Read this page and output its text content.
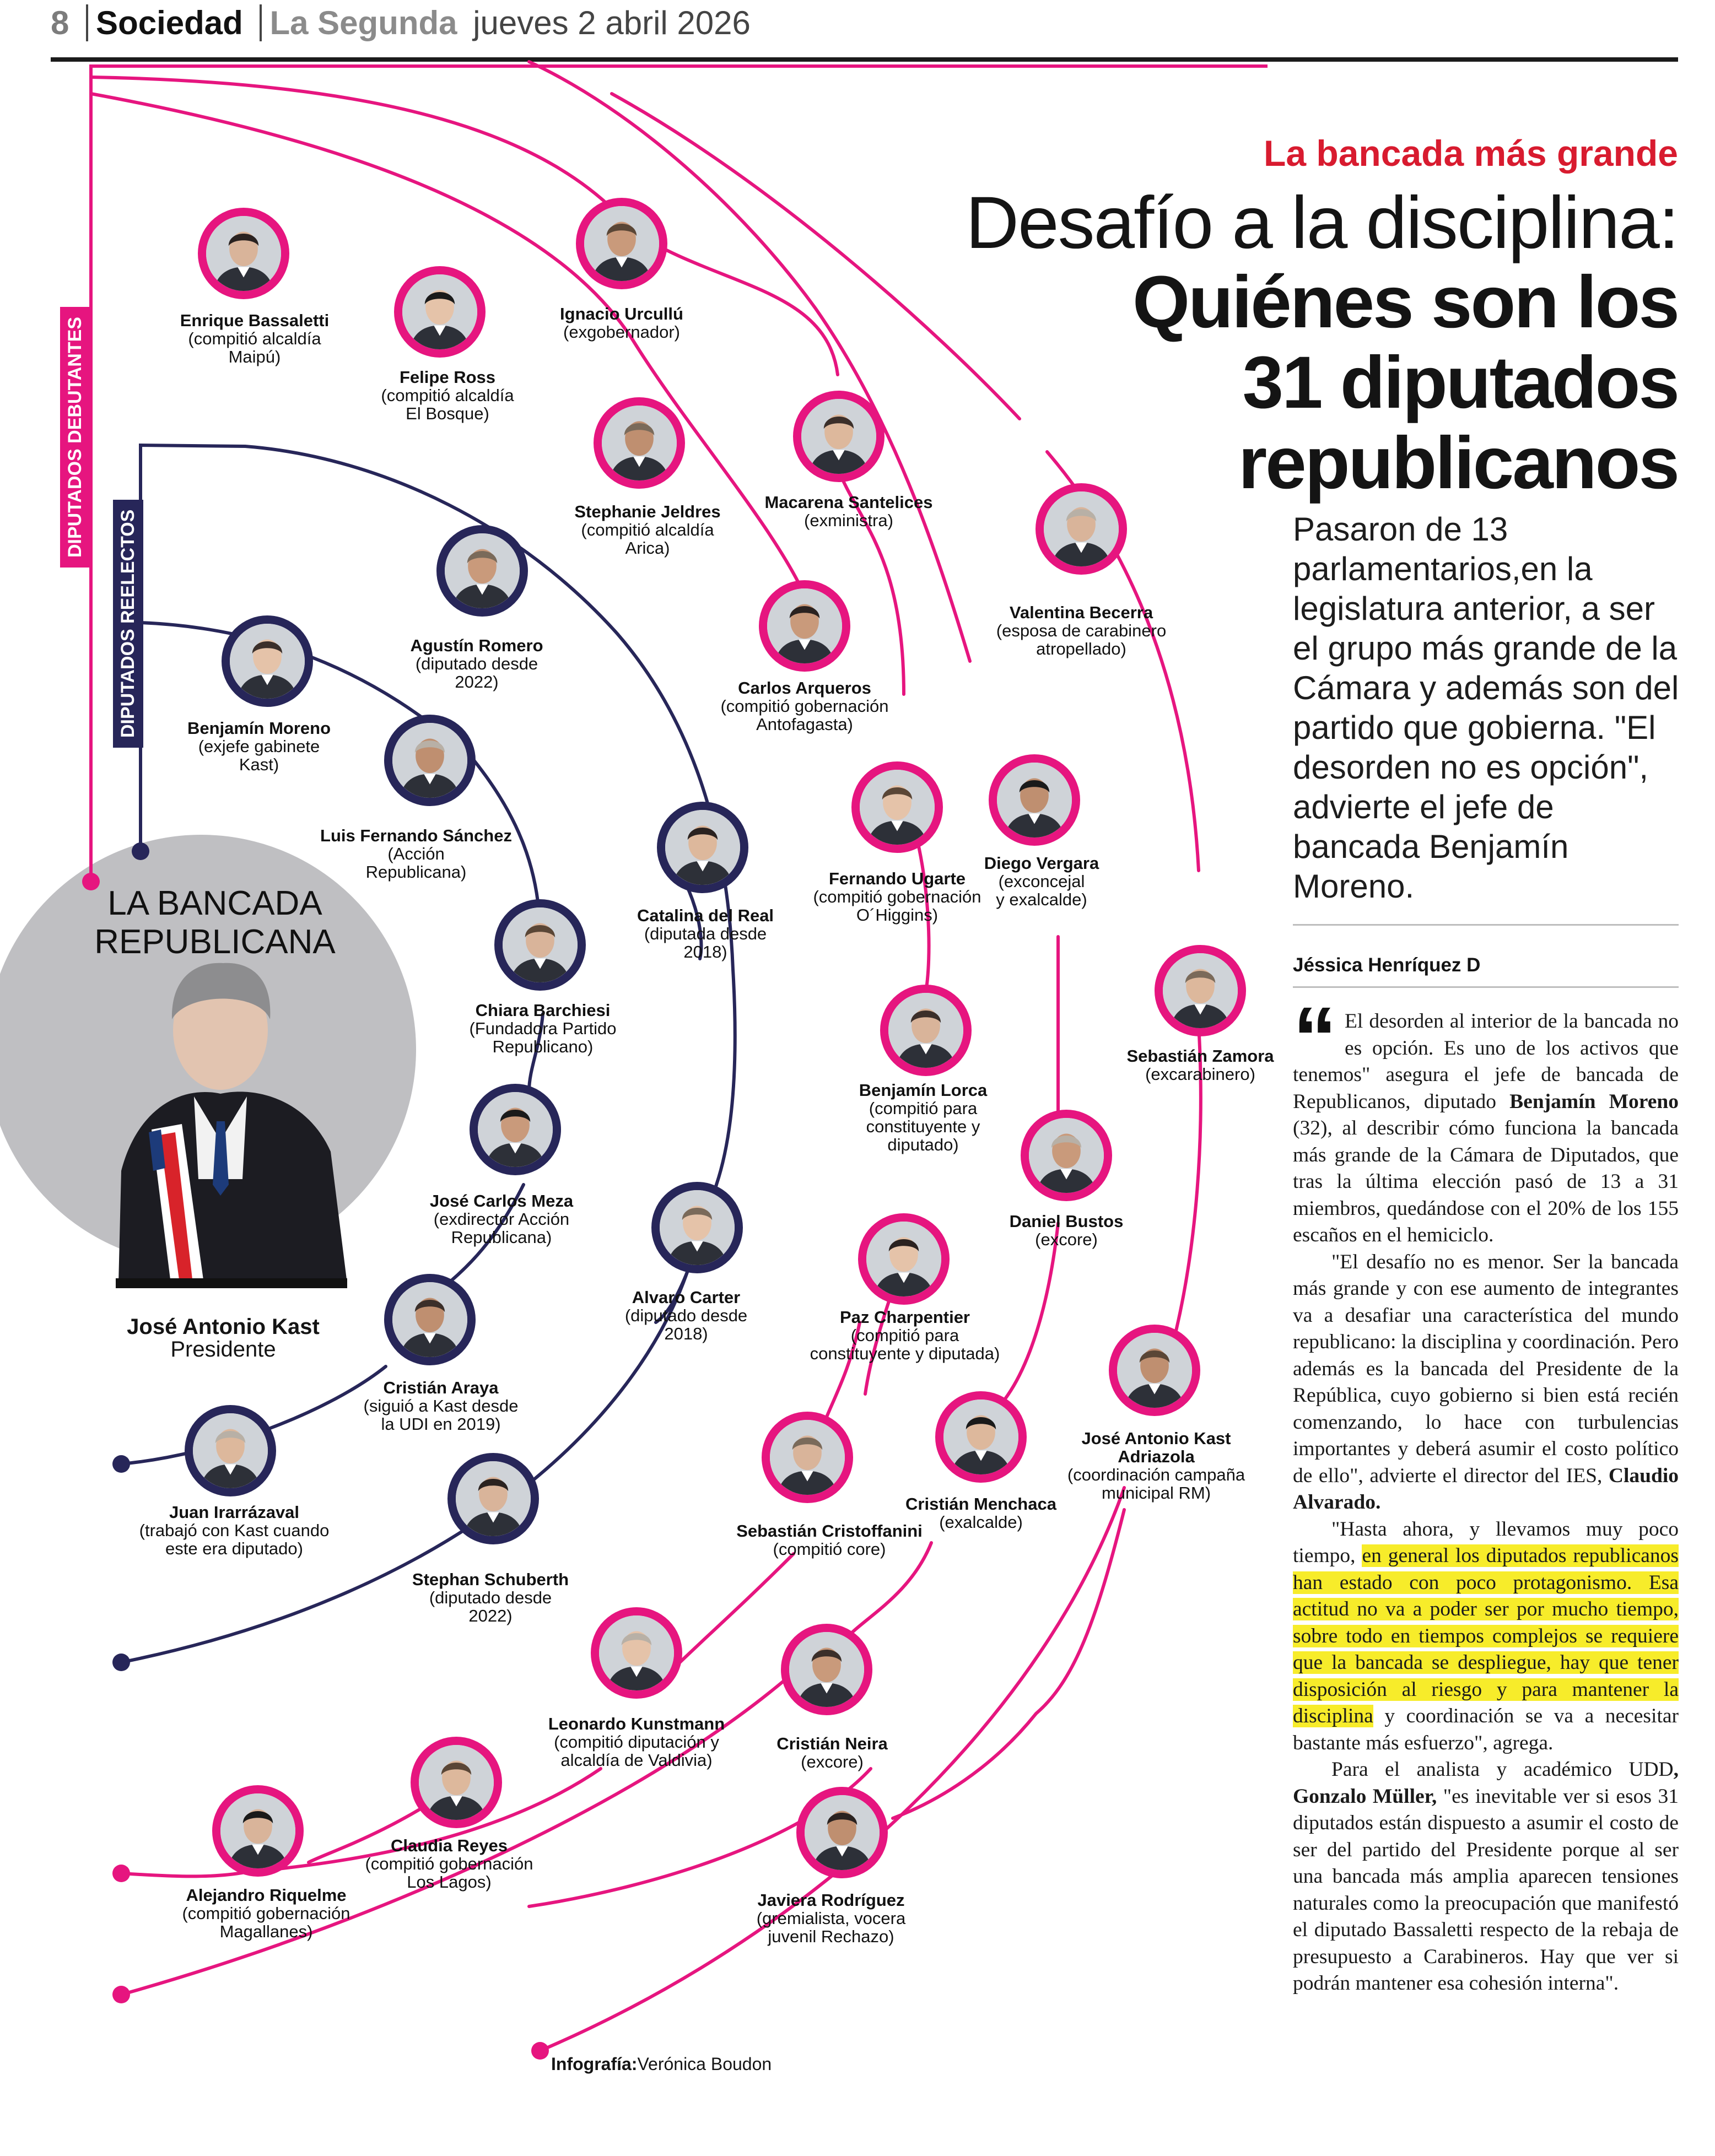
8 Sociedad La Segunda jueves 2 abril 2026
DIPUTADOS DEBUTANTES
DIPUTADOS REELECTOS
LA BANCADA
REPUBLICANA
José Antonio Kast
Presidente
Enrique Bassaletti
(compitió alcaldía
Maipú)
Ignacio Urcullú
(exgobernador)
Felipe Ross
(compitió alcaldía
El Bosque)
Stephanie Jeldres
(compitió alcaldía
Arica)
Macarena Santelices
(exministra)
Valentina Becerra
(esposa de carabinero
atropellado)
Carlos Arqueros
(compitió gobernación
Antofagasta)
Fernando Ugarte
(compitió gobernación
O´Higgins)
Diego Vergara
(exconcejal
y exalcalde)
Sebastián Zamora
(excarabinero)
Benjamín Lorca
(compitió para
constituyente y
diputado)
Daniel Bustos
(excore)
Paz Charpentier
(compitió para
constituyente y diputada)
José Antonio Kast Adriazola
(coordinación campaña
municipal RM)
Cristián Menchaca
(exalcalde)
Sebastián Cristoffanini
(compitió core)
Cristián Neira
(excore)
Leonardo Kunstmann
(compitió diputación y
alcaldía de Valdivia)
Javiera Rodríguez
(gremialista, vocera
juvenil Rechazo)
Claudia Reyes
(compitió gobernación
Los Lagos)
Alejandro Riquelme
(compitió gobernación
Magallanes)
Agustín Romero
(diputado desde
2022)
Benjamín Moreno
(exjefe gabinete
Kast)
Luis Fernando Sánchez
(Acción
Republicana)
Catalina del Real
(diputada desde
2018)
Chiara Barchiesi
(Fundadora Partido
Republicano)
José Carlos Meza
(exdirector Acción
Republicana)
Alvaro Carter
(diputado desde
2018)
Cristián Araya
(siguió a Kast desde
la UDI en 2019)
Juan Irarrázaval
(trabajó con Kast cuando
este era diputado)
Stephan Schuberth
(diputado desde
2022)
Infografía:Verónica Boudon
La bancada más grande
Desafío a la disciplina:
Quiénes son los
31 diputados
republicanos
Pasaron de 13 parlamentarios,en la legislatura anterior, a ser el grupo más grande de la Cámara y además son del partido que gobierna. "El desorden no es opción", advierte el jefe de bancada Benjamín Moreno.
Jéssica Henríquez D

“ El desorden al interior de la bancada no es opción. Es uno de los activos que tenemos" asegura el jefe de bancada de Republicanos, diputado Benjamín Moreno (32), al describir cómo funciona la bancada más grande de la Cámara de Diputados, que tras la última elección pasó de 13 a 31 miembros, quedándose con el 20% de los 155 escaños en el hemiciclo.

"El desafío no es menor. Ser la bancada más grande y con ese aumento de integrantes va a desafiar una característica del mundo republicano: la disciplina y coordinación. Pero además es la bancada del Presidente de la República, cuyo gobierno si bien está recién comenzando, lo hace con turbulencias importantes y deberá asumir el costo político de ello", advierte el director del IES, Claudio Alvarado.

"Hasta ahora, y llevamos muy poco tiempo, en general los diputados republicanos han estado con poco protagonismo. Esa actitud no va a poder ser por mucho tiempo, sobre todo en tiempos complejos se requiere que la bancada se despliegue, hay que tener disposición al riesgo y para mantener la disciplina y coordinación se va a necesitar bastante más esfuerzo", agrega.

Para el analista y académico UDD, Gonzalo Müller, "es inevitable ver si esos 31 diputados están dispuesto a asumir el costo de ser del partido del Presidente porque al ser una bancada más amplia aparecen tensiones naturales como la preocupación que manifestó el diputado Bassaletti respecto de la rebaja de presupuesto a Carabineros. Hay que ver si podrán mantener esa cohesión interna".
